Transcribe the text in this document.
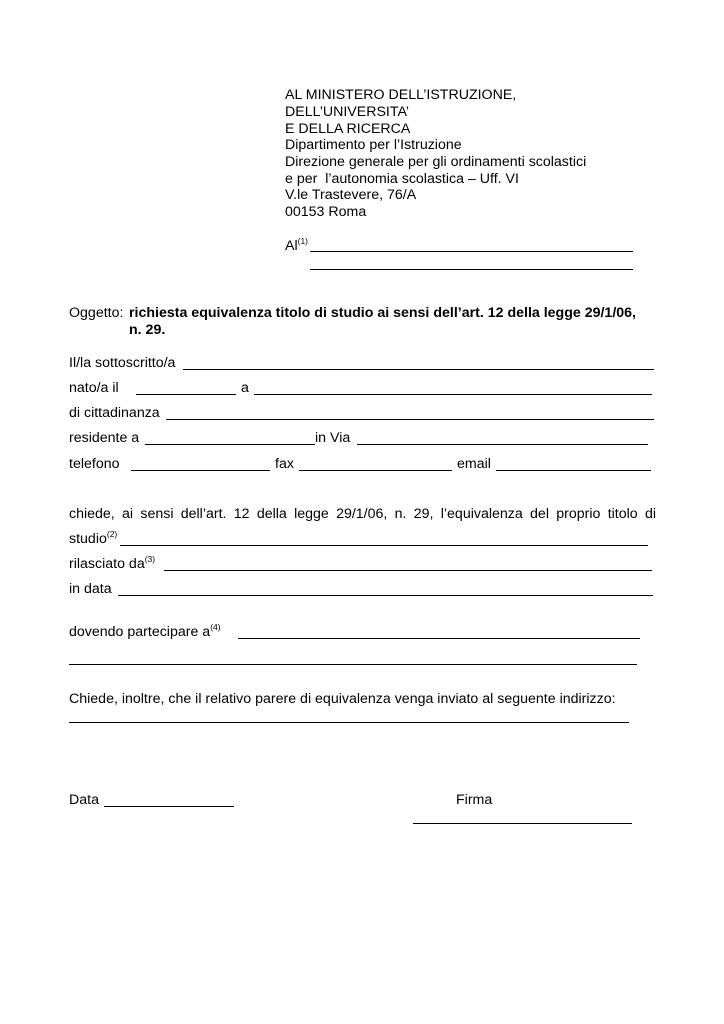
AL MINISTERO DELL’ISTRUZIONE,
DELL’UNIVERSITA’
E DELLA RICERCA
Dipartimento per l’Istruzione
Direzione generale per gli ordinamenti scolastici
e per  l’autonomia scolastica – Uff. VI
V.le Trastevere, 76/A
00153 Roma
Al$^{(1)}$
Oggetto: richiesta equivalenza titolo di studio ai sensi dell’art. 12 della legge 29/1/06,
n. 29.
Il/la sottoscritto/a
nato/a il	a
di cittadinanza
residente a	in Via
telefono	fax	email
chiede, ai sensi dell’art. 12 della legge 29/1/06, n. 29, l’equivalenza del proprio titolo di
studio$^{(2)}$
rilasciato $da^{(3)}$
in data
dovendo partecipare $a^{(4)}$
Chiede, inoltre, che il relativo parere di equivalenza venga inviato al seguente indirizzo:
Data	Firma
